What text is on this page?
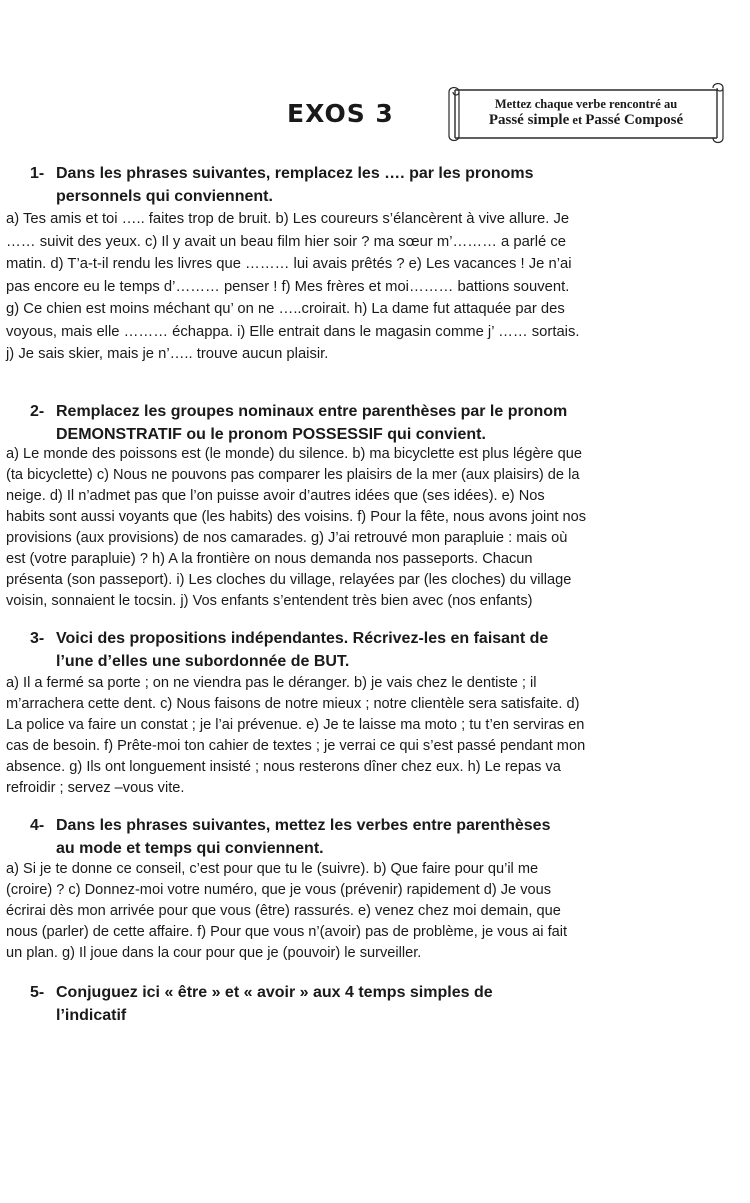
EXOS 3	Mettez chaque verbe rencontré au
Passé simple et Passé Composé
1- Dans les phrases suivantes, remplacez les …. par les pronoms
personnels qui conviennent.
a) Tes amis et toi ….. faites trop de bruit. b) Les coureurs s’élancèrent à vive allure. Je
…… suivit des yeux. c) Il y avait un beau film hier soir ? ma sœur m’……… a parlé ce
matin. d) T’a-t-il rendu les livres que ……… lui avais prêtés ? e) Les vacances ! Je n’ai
pas encore eu le temps d’……… penser ! f) Mes frères et moi……… battions souvent.
g) Ce chien est moins méchant qu’ on ne …..croirait. h) La dame fut attaquée par des
voyous, mais elle ……… échappa. i) Elle entrait dans le magasin comme j’ …… sortais.
j) Je sais skier, mais je n’….. trouve aucun plaisir.
2- Remplacez les groupes nominaux entre parenthèses par le pronom
DEMONSTRATIF ou le pronom POSSESSIF qui convient.
a) Le monde des poissons est (le monde) du silence. b) ma bicyclette est plus légère que
(ta bicyclette) c) Nous ne pouvons pas comparer les plaisirs de la mer (aux plaisirs) de la
neige. d) Il n’admet pas que l’on puisse avoir d’autres idées que (ses idées). e) Nos
habits sont aussi voyants que (les habits) des voisins. f) Pour la fête, nous avons joint nos
provisions (aux provisions) de nos camarades. g) J’ai retrouvé mon parapluie : mais où
est (votre parapluie) ? h) A la frontière on nous demanda nos passeports. Chacun
présenta (son passeport). i) Les cloches du village, relayées par (les cloches) du village
voisin, sonnaient le tocsin. j) Vos enfants s’entendent très bien avec (nos enfants)
3- Voici des propositions indépendantes. Récrivez-les en faisant de
l’une d’elles une subordonnée de BUT.
a) Il a fermé sa porte ; on ne viendra pas le déranger. b) je vais chez le dentiste ; il
m’arrachera cette dent. c) Nous faisons de notre mieux ; notre clientèle sera satisfaite. d)
La police va faire un constat ; je l’ai prévenue. e) Je te laisse ma moto ; tu t’en serviras en
cas de besoin. f) Prête-moi ton cahier de textes ; je verrai ce qui s’est passé pendant mon
absence. g) Ils ont longuement insisté ; nous resterons dîner chez eux. h) Le repas va
refroidir ; servez –vous vite.
4- Dans les phrases suivantes, mettez les verbes entre parenthèses
au mode et temps qui conviennent.
a) Si je te donne ce conseil, c’est pour que tu le (suivre). b) Que faire pour qu’il me
(croire) ? c) Donnez-moi votre numéro, que je vous (prévenir) rapidement d) Je vous
écrirai dès mon arrivée pour que vous (être) rassurés. e) venez chez moi demain, que
nous (parler) de cette affaire. f) Pour que vous n’(avoir) pas de problème, je vous ai fait
un plan. g) Il joue dans la cour pour que je (pouvoir) le surveiller.
5- Conjuguez ici « être » et « avoir » aux 4 temps simples de
l’indicatif
